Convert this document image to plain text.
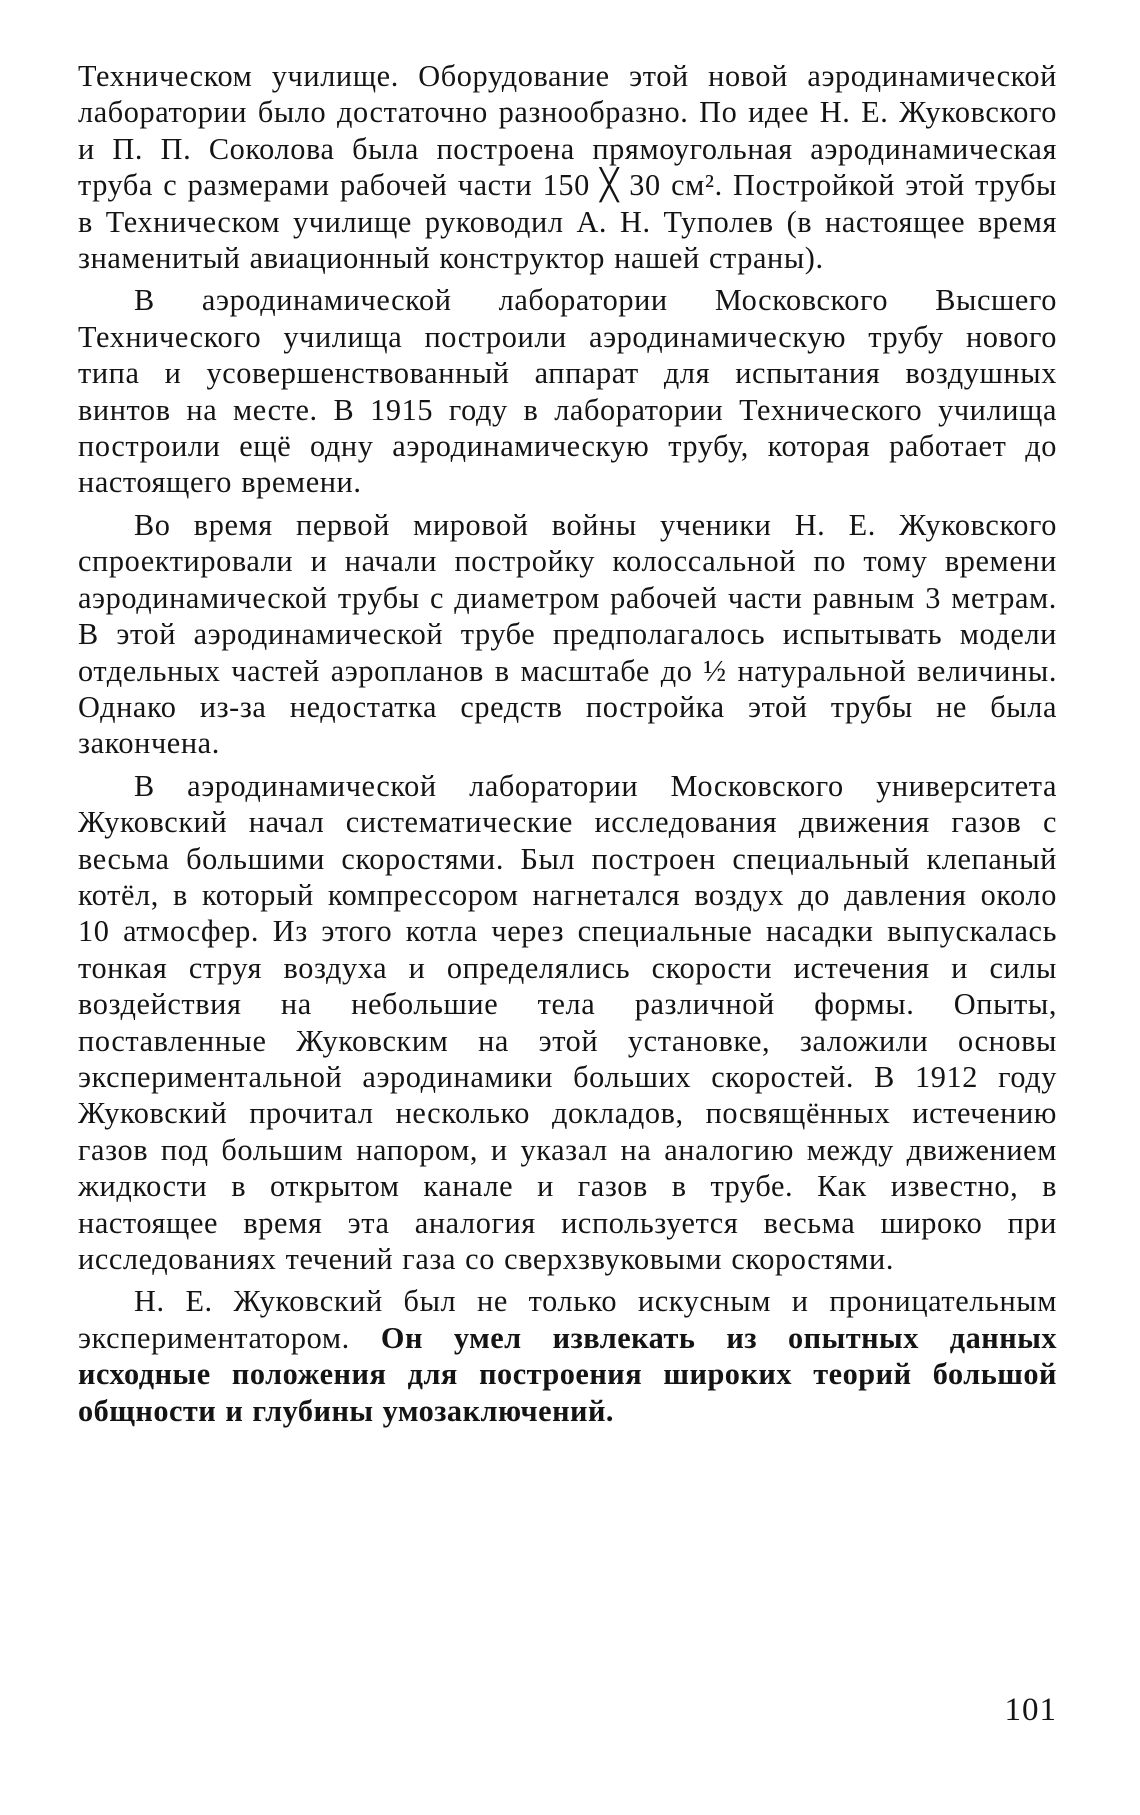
Техническом училище. Оборудование этой новой аэродинамической лаборатории было достаточно разнообразно. По идее Н. Е. Жуковского и П. П. Соколова была построена прямоугольная аэродинамическая труба с размерами рабочей части 150 ╳ 30 см². Постройкой этой трубы в Техническом училище руководил А. Н. Туполев (в настоящее время знаменитый авиационный конструктор нашей страны).

В аэродинамической лаборатории Московского Высшего Технического училища построили аэродинамическую трубу нового типа и усовершенствованный аппарат для испытания воздушных винтов на месте. В 1915 году в лаборатории Технического училища построили ещё одну аэродинамическую трубу, которая работает до настоящего времени.

Во время первой мировой войны ученики Н. Е. Жуковского спроектировали и начали постройку колоссальной по тому времени аэродинамической трубы с диаметром рабочей части равным 3 метрам. В этой аэродинамической трубе предполагалось испытывать модели отдельных частей аэропланов в масштабе до ½ натуральной величины. Однако из-за недостатка средств постройка этой трубы не была закончена.

В аэродинамической лаборатории Московского университета Жуковский начал систематические исследования движения газов с весьма большими скоростями. Был построен специальный клепаный котёл, в который компрессором нагнетался воздух до давления около 10 атмосфер. Из этого котла через специальные насадки выпускалась тонкая струя воздуха и определялись скорости истечения и силы воздействия на небольшие тела различной формы. Опыты, поставленные Жуковским на этой установке, заложили основы экспериментальной аэродинамики больших скоростей. В 1912 году Жуковский прочитал несколько докладов, посвящённых истечению газов под большим напором, и указал на аналогию между движением жидкости в открытом канале и газов в трубе. Как известно, в настоящее время эта аналогия используется весьма широко при исследованиях течений газа со сверхзвуковыми скоростями.

Н. Е. Жуковский был не только искусным и проницательным экспериментатором. Он умел извлекать из опытных данных исходные положения для построения широких теорий большой общности и глубины умозаключений.

101
